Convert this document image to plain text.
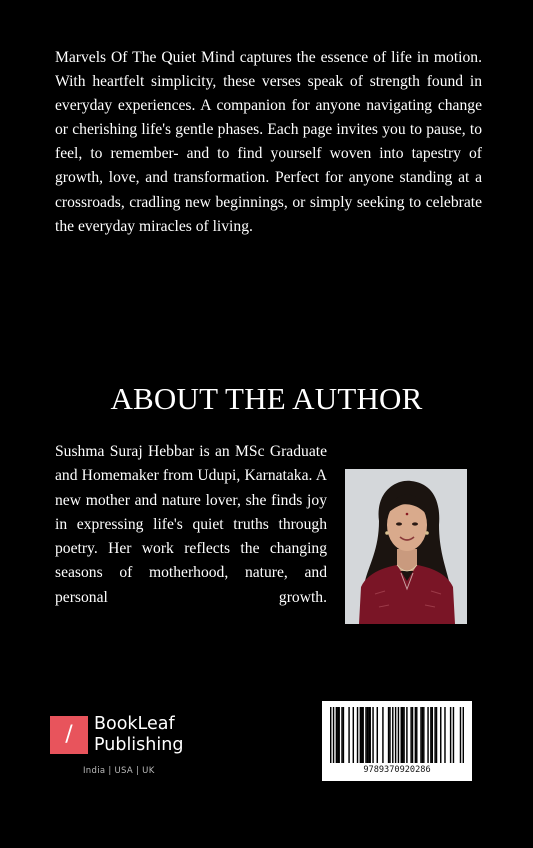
Marvels Of The Quiet Mind captures the essence of life in motion. With heartfelt simplicity, these verses speak of strength found in everyday experiences. A companion for anyone navigating change or cherishing life's gentle phases. Each page invites you to pause, to feel, to remember- and to find yourself woven into tapestry of growth, love, and transformation. Perfect for anyone standing at a crossroads, cradling new beginnings, or simply seeking to celebrate the everyday miracles of living.

ABOUT THE AUTHOR

Sushma Suraj Hebbar is an MSc Graduate and Homemaker from Udupi, Karnataka. A new mother and nature lover, she finds joy in expressing life's quiet truths through poetry. Her work reflects the changing seasons of motherhood, nature, and personal growth.

/	BookLeaf
Publishing
India | USA | UK	9789370920286
